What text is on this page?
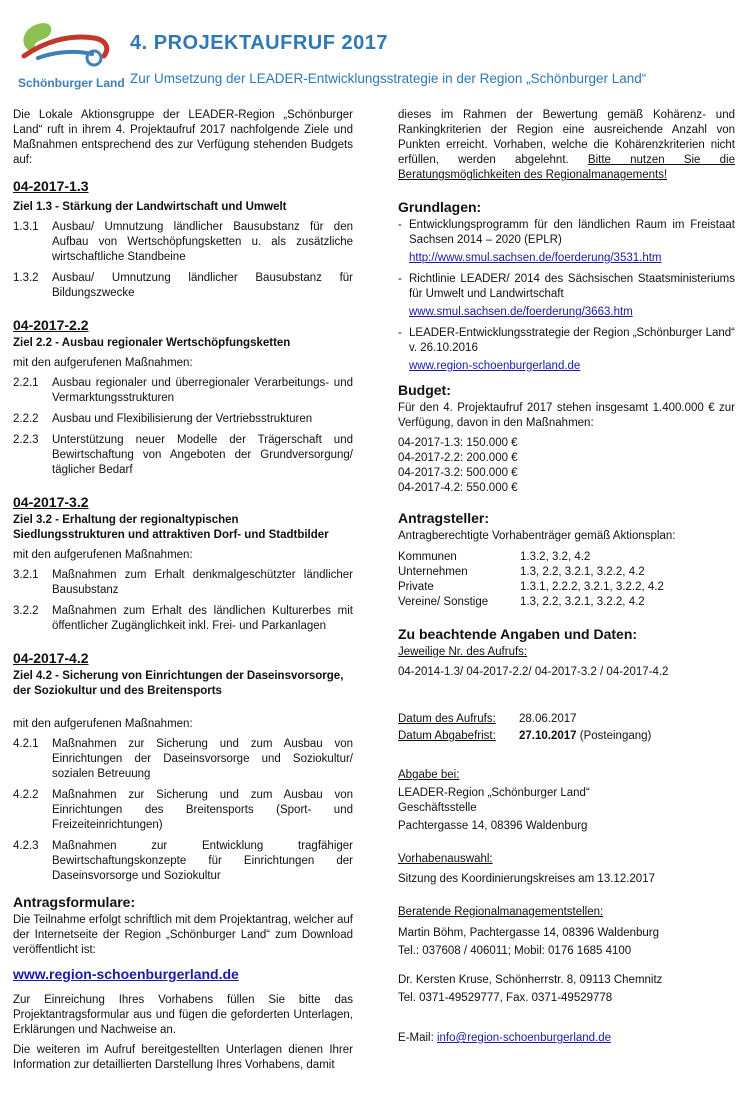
Schönburger Land
4. PROJEKTAUFRUF 2017
Zur Umsetzung der LEADER-Entwicklungsstrategie in der Region „Schönburger Land“

Die Lokale Aktionsgruppe der LEADER-Region „Schönburger Land“ ruft in ihrem 4. Projektaufruf 2017 nachfolgende Ziele und Maßnahmen entsprechend des zur Verfügung stehenden Budgets auf:

04-2017-1.3
Ziel 1.3 - Stärkung der Landwirtschaft und Umwelt
1.3.1	Ausbau/ Umnutzung ländlicher Bausubstanz für den Aufbau von Wertschöpfungsketten u. als zusätzliche wirtschaftliche Standbeine
1.3.2	Ausbau/ Umnutzung ländlicher Bausubstanz für Bildungszwecke
04-2017-2.2
Ziel 2.2 - Ausbau regionaler Wertschöpfungsketten
mit den aufgerufenen Maßnahmen:
2.2.1	Ausbau regionaler und überregionaler Verarbeitungs- und Vermarktungsstrukturen
2.2.2	Ausbau und Flexibilisierung der Vertriebsstrukturen
2.2.3	Unterstützung neuer Modelle der Trägerschaft und Bewirtschaftung von Angeboten der Grundversorgung/ täglicher Bedarf
04-2017-3.2
Ziel 3.2 - Erhaltung der regionaltypischen Siedlungsstrukturen und attraktiven Dorf- und Stadtbilder
mit den aufgerufenen Maßnahmen:
3.2.1	Maßnahmen zum Erhalt denkmalgeschützter ländlicher Bausubstanz
3.2.2	Maßnahmen zum Erhalt des ländlichen Kulturerbes mit öffentlicher Zugänglichkeit inkl. Frei- und Parkanlagen
04-2017-4.2
Ziel 4.2 - Sicherung von Einrichtungen der Daseinsvorsorge, der Soziokultur und des Breitensports
mit den aufgerufenen Maßnahmen:
4.2.1	Maßnahmen zur Sicherung und zum Ausbau von Einrichtungen der Daseinsvorsorge und Soziokultur/ sozialen Betreuung
4.2.2	Maßnahmen zur Sicherung und zum Ausbau von Einrichtungen des Breitensports (Sport- und Freizeiteinrichtungen)
4.2.3	Maßnahmen zur Entwicklung tragfähiger Bewirtschaftungskonzepte für Einrichtungen der Daseinsvorsorge und Soziokultur
Antragsformulare:

Die Teilnahme erfolgt schriftlich mit dem Projektantrag, welcher auf der Internetseite der Region „Schönburger Land“ zum Download veröffentlicht ist:

www.region-schoenburgerland.de

Zur Einreichung Ihres Vorhabens füllen Sie bitte das Projektantragsformular aus und fügen die geforderten Unterlagen, Erklärungen und Nachweise an.

Die weiteren im Aufruf bereitgestellten Unterlagen dienen Ihrer Information zur detaillierten Darstellung Ihres Vorhabens, damit

dieses im Rahmen der Bewertung gemäß Kohärenz- und Rankingkriterien der Region eine ausreichende Anzahl von Punkten erreicht. Vorhaben, welche die Kohärenzkriterien nicht erfüllen, werden abgelehnt. Bitte nutzen Sie die Beratungsmöglichkeiten des Regionalmanagements!

Grundlagen:
- Entwicklungsprogramm für den ländlichen Raum im Freistaat Sachsen 2014 – 2020 (EPLR)
http://www.smul.sachsen.de/foerderung/3531.htm
- Richtlinie LEADER/ 2014 des Sächsischen Staatsministeriums für Umwelt und Landwirtschaft
www.smul.sachsen.de/foerderung/3663.htm
- LEADER-Entwicklungsstrategie der Region „Schönburger Land“ v. 26.10.2016
www.region-schoenburgerland.de
Budget:

Für den 4. Projektaufruf 2017 stehen insgesamt 1.400.000 € zur Verfügung, davon in den Maßnahmen:

04-2017-1.3: 150.000 €
04-2017-2.2: 200.000 €
04-2017-3.2: 500.000 €
04-2017-4.2: 550.000 €
Antragsteller:
Antragberechtigte Vorhabenträger gemäß Aktionsplan:
Kommunen	1.3.2, 3.2, 4.2
Unternehmen	1.3, 2.2, 3.2.1, 3.2.2, 4.2
Private	1.3.1, 2.2.2, 3.2.1, 3.2.2, 4.2
Vereine/ Sonstige	1.3, 2.2, 3.2.1, 3.2.2, 4.2
Zu beachtende Angaben und Daten:
Jeweilige Nr. des Aufrufs:
04-2014-1.3/ 04-2017-2.2/ 04-2017-3.2 / 04-2017-4.2
Datum des Aufrufs:	28.06.2017
Datum Abgabefrist:	27.10.2017 (Posteingang)
Abgabe bei:
LEADER-Region „Schönburger Land“
Geschäftsstelle
Pachtergasse 14, 08396 Waldenburg
Vorhabenauswahl:
Sitzung des Koordinierungskreises am 13.12.2017
Beratende Regionalmanagementstellen:
Martin Böhm, Pachtergasse 14, 08396 Waldenburg
Tel.: 037608 / 406011; Mobil: 0176 1685 4100
Dr. Kersten Kruse, Schönherrstr. 8, 09113 Chemnitz
Tel. 0371-49529777, Fax. 0371-49529778
E-Mail: info@region-schoenburgerland.de
